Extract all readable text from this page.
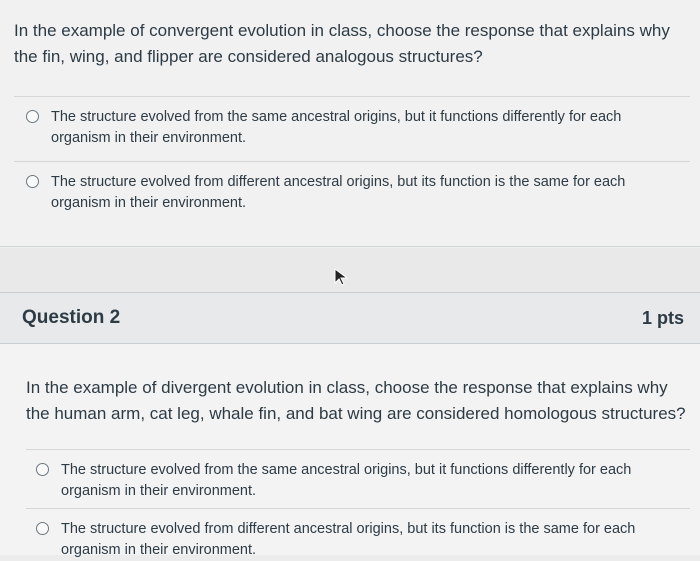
In the example of convergent evolution in class, choose the response that explains why the fin, wing, and flipper are considered analogous structures?
The structure evolved from the same ancestral origins, but it functions differently for each organism in their environment.
The structure evolved from different ancestral origins, but its function is the same for each organism in their environment.
Question 2	1 pts
In the example of divergent evolution in class, choose the response that explains why the human arm, cat leg, whale fin, and bat wing are considered homologous structures?
The structure evolved from the same ancestral origins, but it functions differently for each organism in their environment.
The structure evolved from different ancestral origins, but its function is the same for each organism in their environment.
